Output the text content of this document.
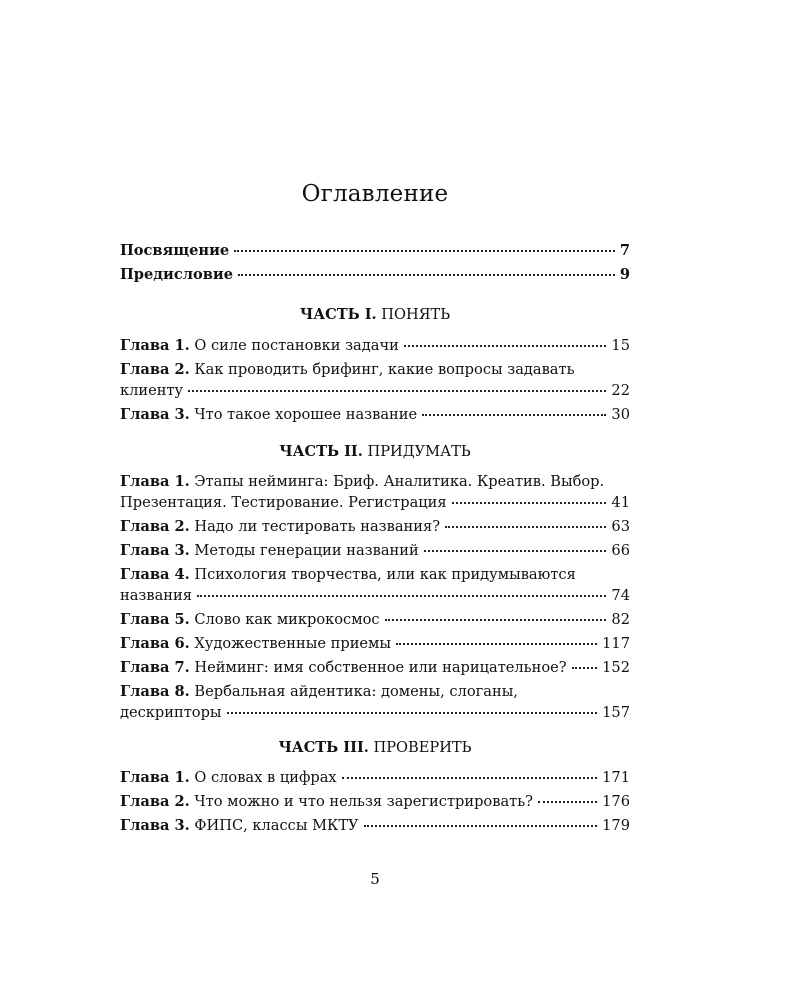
Оглавление
Посвящение	7
Предисловие	9
ЧАСТЬ I. ПОНЯТЬ
Глава 1. О силе постановки задачи	15
Глава 2. Как проводить брифинг, какие вопросы задавать
клиенту	22
Глава 3. Что такое хорошее название	30
ЧАСТЬ II. ПРИДУМАТЬ
Глава 1. Этапы нейминга: Бриф. Аналитика. Креатив. Выбор.
Презентация. Тестирование. Регистрация	41
Глава 2. Надо ли тестировать названия?	63
Глава 3. Методы генерации названий	66
Глава 4. Психология творчества, или как придумываются
названия	74
Глава 5. Слово как микрокосмос	82
Глава 6. Художественные приемы	117
Глава 7. Нейминг: имя собственное или нарицательное? 152
Глава 8. Вербальная айдентика: домены, слоганы,
дескрипторы	157
ЧАСТЬ III. ПРОВЕРИТЬ
Глава 1. О словах в цифрах	171
Глава 2. Что можно и что нельзя зарегистрировать?	176
Глава 3. ФИПС, классы МКТУ	179
5
